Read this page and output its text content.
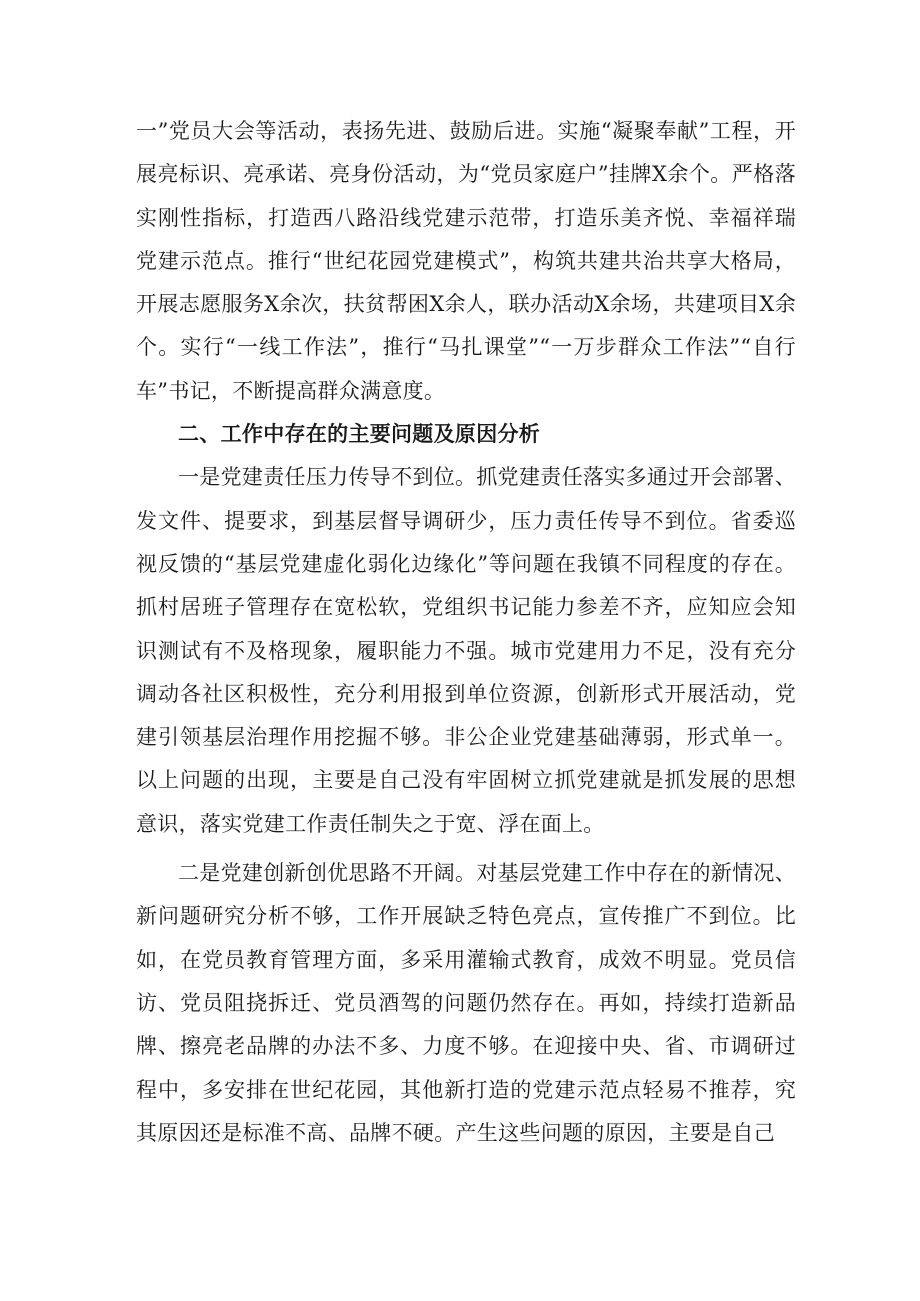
一”党员大会等活动，表扬先进、鼓励后进。实施“凝聚奉献”工程，开展亮标识、亮承诺、亮身份活动，为“党员家庭户”挂牌X余个。严格落实刚性指标，打造西八路沿线党建示范带，打造乐美齐悦、幸福祥瑞党建示范点。推行“世纪花园党建模式”，构筑共建共治共享大格局，开展志愿服务X余次，扶贫帮困X余人，联办活动X余场，共建项目X余个。实行“一线工作法”，推行“马扎课堂”“一万步群众工作法”“自行车”书记，不断提高群众满意度。

二、工作中存在的主要问题及原因分析

一是党建责任压力传导不到位。抓党建责任落实多通过开会部署、发文件、提要求，到基层督导调研少，压力责任传导不到位。省委巡视反馈的“基层党建虚化弱化边缘化”等问题在我镇不同程度的存在。抓村居班子管理存在宽松软，党组织书记能力参差不齐，应知应会知识测试有不及格现象，履职能力不强。城市党建用力不足，没有充分调动各社区积极性，充分利用报到单位资源，创新形式开展活动，党建引领基层治理作用挖掘不够。非公企业党建基础薄弱，形式单一。以上问题的出现，主要是自己没有牢固树立抓党建就是抓发展的思想意识，落实党建工作责任制失之于宽、浮在面上。

二是党建创新创优思路不开阔。对基层党建工作中存在的新情况、新问题研究分析不够，工作开展缺乏特色亮点，宣传推广不到位。比如，在党员教育管理方面，多采用灌输式教育，成效不明显。党员信访、党员阻挠拆迁、党员酒驾的问题仍然存在。再如，持续打造新品牌、擦亮老品牌的办法不多、力度不够。在迎接中央、省、市调研过程中，多安排在世纪花园，其他新打造的党建示范点轻易不推荐，究其原因还是标准不高、品牌不硬。产生这些问题的原因，主要是自己
